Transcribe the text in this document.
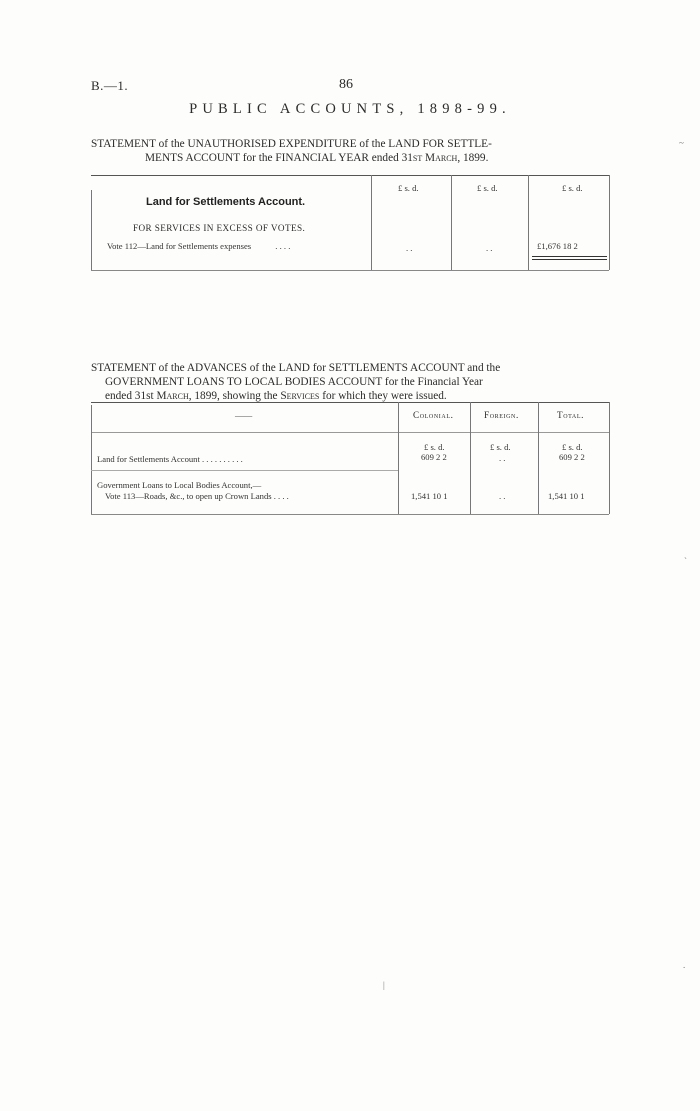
B.—1.	86
PUBLIC ACCOUNTS, 1898-99.
STATEMENT of the UNAUTHORISED EXPENDITURE of the LAND FOR SETTLE-
MENTS ACCOUNT for the FINANCIAL YEAR ended 31st March, 1899.
£ s. d.	£ s. d.	£ s. d.
Land for Settlements Account.
FOR SERVICES IN EXCESS OF VOTES.
Vote 112—Land for Settlements expenses	. . . .	. .	. .	£1,676 18 2
STATEMENT of the ADVANCES of the LAND for SETTLEMENTS ACCOUNT and the
GOVERNMENT LOANS TO LOCAL BODIES ACCOUNT for the Financial Year
ended 31st March, 1899, showing the Services for which they were issued.
——	Colonial.	Foreign.	Total.
£ s. d.	£ s. d.	£ s. d.
Land for Settlements Account . . . . . . . . . .	609 2 2	. .	609 2 2
Government Loans to Local Bodies Account,—
Vote 113—Roads, &c., to open up Crown Lands . . . .	1,541 10 1	. .	1,541 10 1
~
`
.
|
